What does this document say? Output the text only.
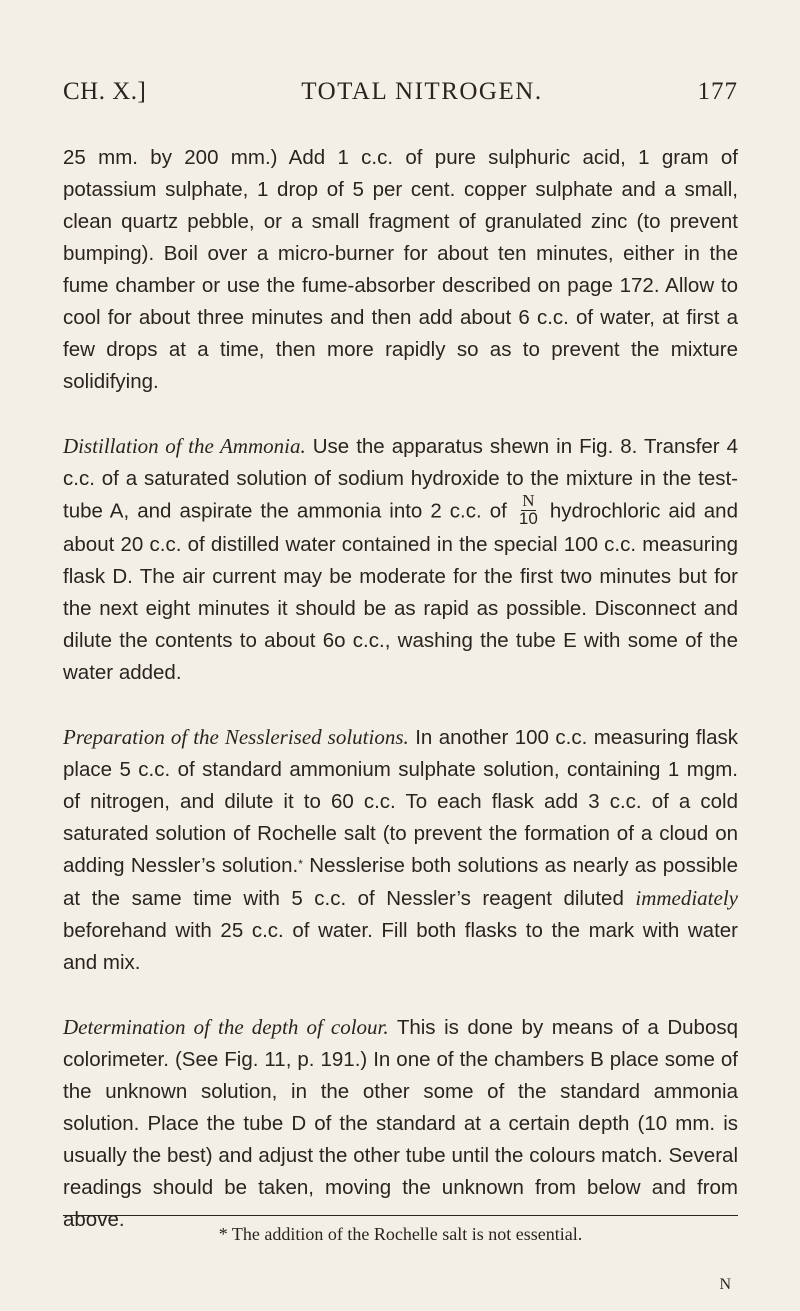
CH. X.]	TOTAL NITROGEN.	177

25 mm. by 200 mm.) Add 1 c.c. of pure sulphuric acid, 1 gram of potassium sulphate, 1 drop of 5 per cent. copper sulphate and a small, clean quartz pebble, or a small fragment of granulated zinc (to prevent bumping). Boil over a micro-burner for about ten minutes, either in the fume chamber or use the fume-absorber described on page 172. Allow to cool for about three minutes and then add about 6 c.c. of water, at first a few drops at a time, then more rapidly so as to prevent the mixture solidifying.

Distillation of the Ammonia. Use the apparatus shewn in Fig. 8. Transfer 4 c.c. of a saturated solution of sodium hydroxide to the mixture in the test-tube A, and aspirate the ammonia into 2 c.c. of $\frac{N}{10}$ hydrochloric aid and about 20 c.c. of distilled water contained in the special 100 c.c. measuring flask D. The air current may be moderate for the first two minutes but for the next eight minutes it should be as rapid as possible. Disconnect and dilute the contents to about 6o c.c., washing the tube E with some of the water added.

Preparation of the Nesslerised solutions. In another 100 c.c. measuring flask place 5 c.c. of standard ammonium sulphate solution, containing 1 mgm. of nitrogen, and dilute it to 60 c.c. To each flask add 3 c.c. of a cold saturated solution of Rochelle salt (to prevent the formation of a cloud on adding Nessler’s solution.* Nesslerise both solutions as nearly as possible at the same time with 5 c.c. of Nessler’s reagent diluted immediately beforehand with 25 c.c. of water. Fill both flasks to the mark with water and mix.

Determination of the depth of colour. This is done by means of a Dubosq colorimeter. (See Fig. 11, p. 191.) In one of the chambers B place some of the unknown solution, in the other some of the standard ammonia solution. Place the tube D of the standard at a certain depth (10 mm. is usually the best) and adjust the other tube until the colours match. Several readings should be taken, moving the unknown from below and from above.

* The addition of the Rochelle salt is not essential.
N
